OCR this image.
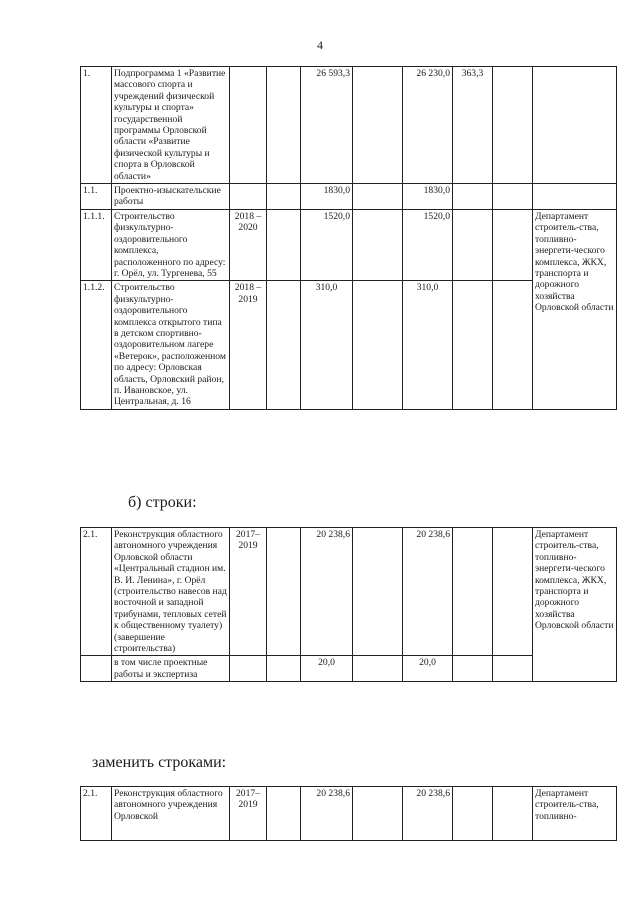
4
1.	Подпрограмма 1 «Развитие массового спорта и учреждений физической культуры и спорта» государственной программы Орловской области «Развитие физической культуры и спорта в Орловской области»			26 593,3		26 230,0	363,3		
1.1.	Проектно-изыскательские работы			1830,0		1830,0			
1.1.1.	Строительство физкультурно-оздоровительного комплекса, расположенного по адресу: г. Орёл, ул. Тургенева, 55	2018 – 2020		1520,0		1520,0			Департамент строитель-ства, топливно-энергети-ческого комплекса, ЖКХ, транспорта и дорожного хозяйства Орловской области
1.1.2.	Строительство физкультурно-оздоровительного комплекса открытого типа в детском спортивно-оздоровительном лагере «Ветерок», расположенном по адресу: Орловская область, Орловский район, п. Ивановское, ул. Центральная, д. 16	2018 – 2019		310,0		310,0			
б) строки:
2.1.	Реконструкция областного автономного учреждения Орловской области «Центральный стадион им. В. И. Ленина», г. Орёл (строительство навесов над восточной и западной трибунами, тепловых сетей к общественному туалету) (завершение строительства)	2017– 2019		20 238,6		20 238,6			Департамент строитель-ства, топливно-энергети-ческого комплекса, ЖКХ, транспорта и дорожного хозяйства Орловской области
	в том числе проектные работы и экспертиза			20,0		20,0			
заменить строками:
2.1.	Реконструкция областного автономного учреждения Орловской	2017– 2019		20 238,6		20 238,6			Департамент строитель-ства, топливно-
